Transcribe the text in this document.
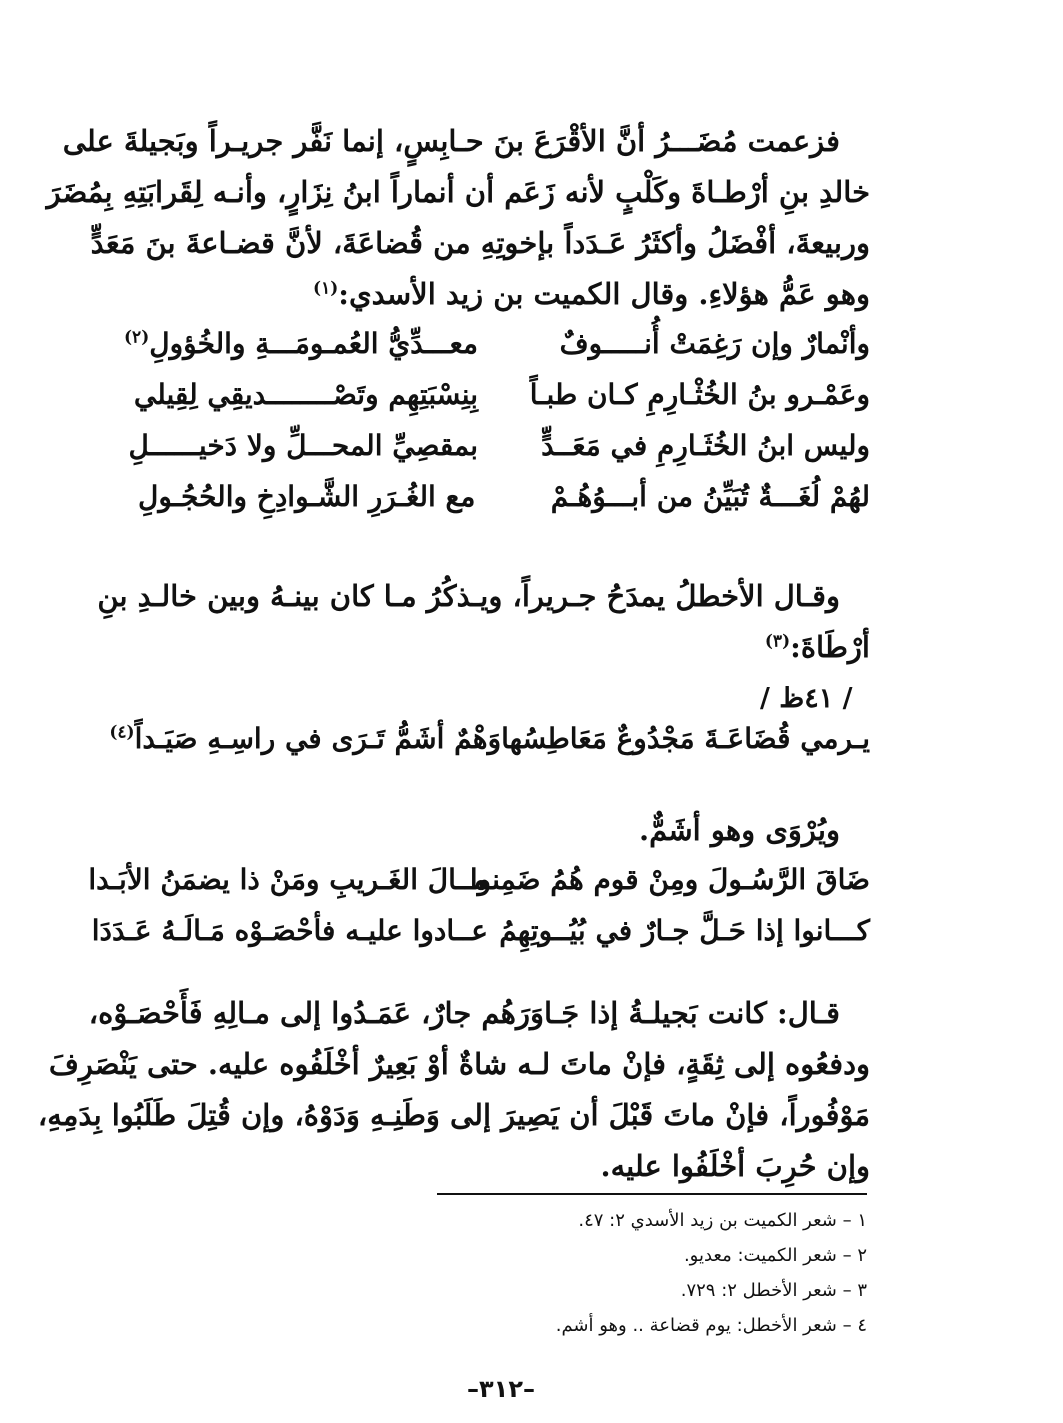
فزعمت مُضَـــرُ أنَّ الأقْرَعَ بنَ حـابِسٍ، إنما نَفَّر جريـراً وبَجيلةَ على
خالدِ بنِ أرْطـاةَ وكَلْبٍ لأنه زَعَم أن أنماراً ابنُ نِزَارٍ، وأنـه لِقَرابَتِهِ بِمُضَرَ
وربيعةَ، أفْضَلُ وأكثَرُ عَـدَداً بإخوتِهِ من قُضاعَةَ، لأنَّ قضـاعةَ بنَ مَعَدٍّ
وهو عَمُّ هؤلاءِ. وقال الكميت بن زيد الأسدي:$^{(١)}$
وأنْمارٌ وإن رَغِمَتْ أُنـــــوفٌ
معـــدِّيُّ العُمـومَـــةِ والخُؤولِ$^{(٢)}$
وعَمْـرو بنُ الخُثْـارِمِ كـان طبـاً
بِنِسْبَتِهِم وتَصْــــــــديقِي لِقِيلي
وليس ابنُ الخُثَـارِمِ في مَعَــدٍّ
بمقصِيِّ المحـــلِّ ولا دَخيــــــلِ
لهُمْ لُغَـــةٌ تُبَيِّنُ من أبـــوُهُـمْ
مع الغُـرَرِ الشَّـوادِخِ والحُجُـولِ
وقـال الأخطلُ يمدَحُ جـريراً، ويـذكُرُ مـا كان بينـهُ وبين خالـدِ بنِ
أرْطَاةَ:$^{(٣)}$
/ ٤١ظ /
يـرمي قُضَاعَـةَ مَجْدُوعٌ مَعَاطِسُها
وَهْمٌ أشَمُّ تَـرَى في راسِـهِ صَيَـداً$^{(٤)}$
ويُرْوَى وهو أشَمٌّ.
ضَاقَ الرَّسُـولَ ومِنْ قوم هُمُ ضَمِنوا
مــالَ الغَـريبِ ومَنْ ذا يضمَنُ الأبَـدا
كـــانوا إذا حَـلَّ جـارٌ في بُيُــوتِهِمُ
عــادوا عليـه فأحْصَـوْه مَـالَـهُ عَـدَدَا
قـال: كانت بَجيلـةُ إذا جَـاوَرَهُم جارٌ، عَمَـدُوا إلى مـالِهِ فَأَحْصَـوْه،
ودفعُوه إلى ثِقَةٍ، فإنْ ماتَ لـه شاةٌ أوْ بَعِيرٌ أخْلَفُوه عليه. حتى يَنْصَرِفَ
مَوْفُوراً، فإنْ ماتَ قَبْلَ أن يَصِيرَ إلى وَطَنِـهِ وَدَوْهُ، وإن قُتِلَ طَلَبُوا بِدَمِهِ،
وإن حُرِبَ أخْلَفُوا عليه.
١ – شعر الكميت بن زيد الأسدي ٢: ٤٧.
٢ – شعر الكميت: معديو.
٣ – شعر الأخطل ٢: ٧٢٩.
٤ – شعر الأخطل: يوم قضاعة .. وهو أشم.
–٣١٢–
